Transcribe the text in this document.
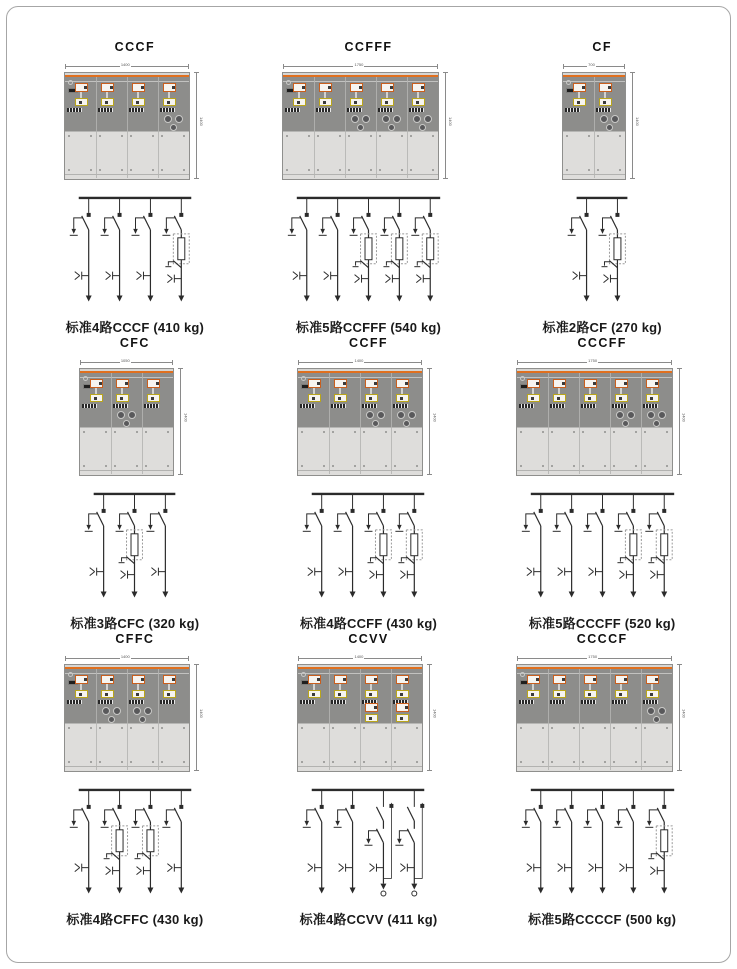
CCCF
1400
1400
标准4路CCCF (410 kg)
CCFFF
1750
1400
标准5路CCFFF (540 kg)
CF
700
1400
标准2路CF (270 kg)
CFC
1050
1400
标准3路CFC (320 kg)
CCFF
1400
1400
标准4路CCFF (430 kg)
CCCFF
1750
1400
标准5路CCCFF (520 kg)
CFFC
1400
1400
标准4路CFFC (430 kg)
CCVV
1400
1400
标准4路CCVV (411 kg)
CCCCF
1750
1400
标准5路CCCCF (500 kg)
